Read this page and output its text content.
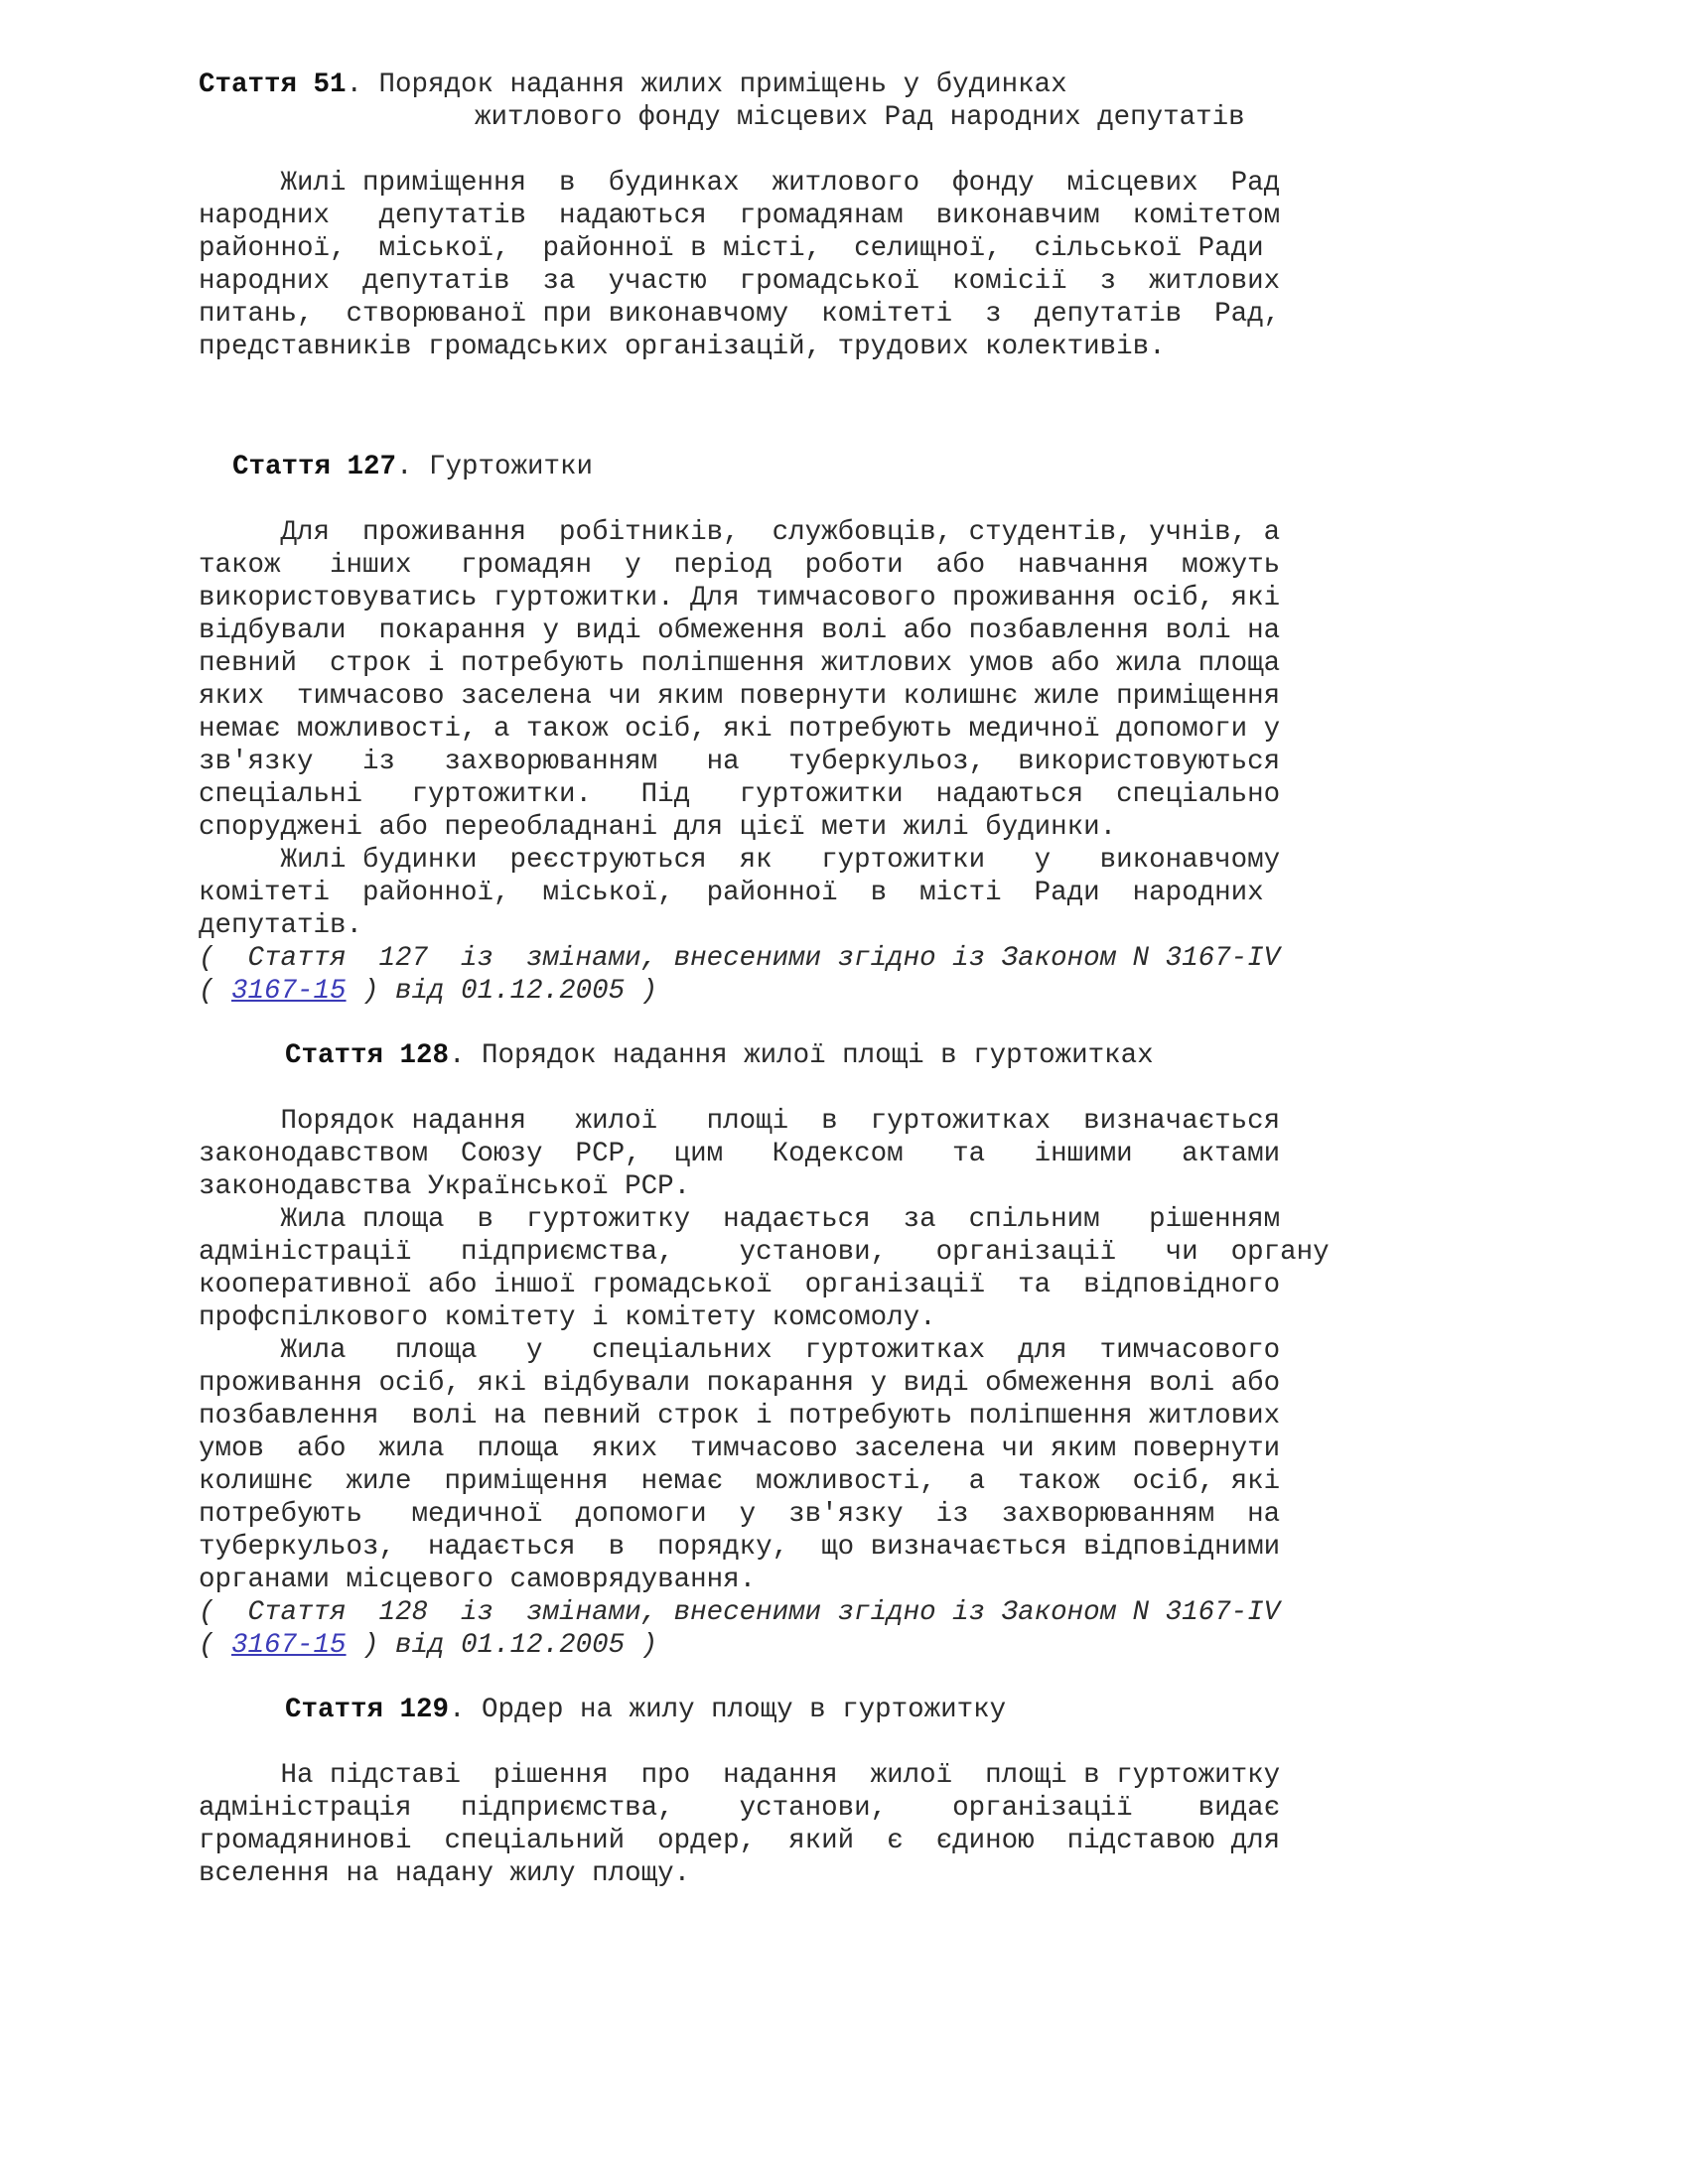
Стаття 51. Порядок надання жилих приміщень у будинках

житлового фонду місцевих Рад народних депутатів

Жилі приміщення  в  будинках  житлового  фонду  місцевих  Рад

народних   депутатів  надаються  громадянам  виконавчим  комітетом

районної,  міської,  районної в місті,  селищної,  сільської Ради

народних  депутатів  за  участю  громадської  комісії  з  житлових

питань,  створюваної при виконавчому  комітеті  з  депутатів  Рад,

представників громадських організацій, трудових колективів.

Стаття 127. Гуртожитки

Для  проживання  робітників,  службовців, студентів, учнів, а

також   інших   громадян  у  період  роботи  або  навчання  можуть

використовуватись гуртожитки. Для тимчасового проживання осіб, які

відбували  покарання у виді обмеження волі або позбавлення волі на

певний  строк і потребують поліпшення житлових умов або жила площа

яких  тимчасово заселена чи яким повернути колишнє жиле приміщення

немає можливості, а також осіб, які потребують медичної допомоги у

зв'язку   із   захворюванням   на   туберкульоз,  використовуються

спеціальні   гуртожитки.   Під   гуртожитки  надаються  спеціально

споруджені або переобладнані для цієї мети жилі будинки.

Жилі будинки  реєструються  як   гуртожитки   у   виконавчому

комітеті  районної,  міської,  районної  в  місті  Ради  народних

депутатів.

(  Стаття  127  із  змінами, внесеними згідно із Законом N 3167-IV

( 3167-15 ) від 01.12.2005 )

Стаття 128. Порядок надання жилої площі в гуртожитках

Порядок надання   жилої   площі  в  гуртожитках  визначається

законодавством  Союзу  РСР,  цим   Кодексом   та   іншими   актами

законодавства Української РСР.

Жила площа  в  гуртожитку  надається  за  спільним   рішенням

адміністрації   підприємства,    установи,   організації   чи  органу

кооперативної або іншої громадської  організації  та  відповідного

профспілкового комітету і комітету комсомолу.

Жила   площа   у   спеціальних  гуртожитках  для  тимчасового

проживання осіб, які відбували покарання у виді обмеження волі або

позбавлення  волі на певний строк і потребують поліпшення житлових

умов  або  жила  площа  яких  тимчасово заселена чи яким повернути

колишнє  жиле  приміщення  немає  можливості,  а  також  осіб, які

потребують   медичної  допомоги  у  зв'язку  із  захворюванням  на

туберкульоз,  надається  в  порядку,  що визначається відповідними

органами місцевого самоврядування.

(  Стаття  128  із  змінами, внесеними згідно із Законом N 3167-IV

( 3167-15 ) від 01.12.2005 )

Стаття 129. Ордер на жилу площу в гуртожитку

На підставі  рішення  про  надання  жилої  площі в гуртожитку

адміністрація   підприємства,    установи,    організації    видає

громадянинові  спеціальний  ордер,  який  є  єдиною  підставою для

вселення на надану жилу площу.
